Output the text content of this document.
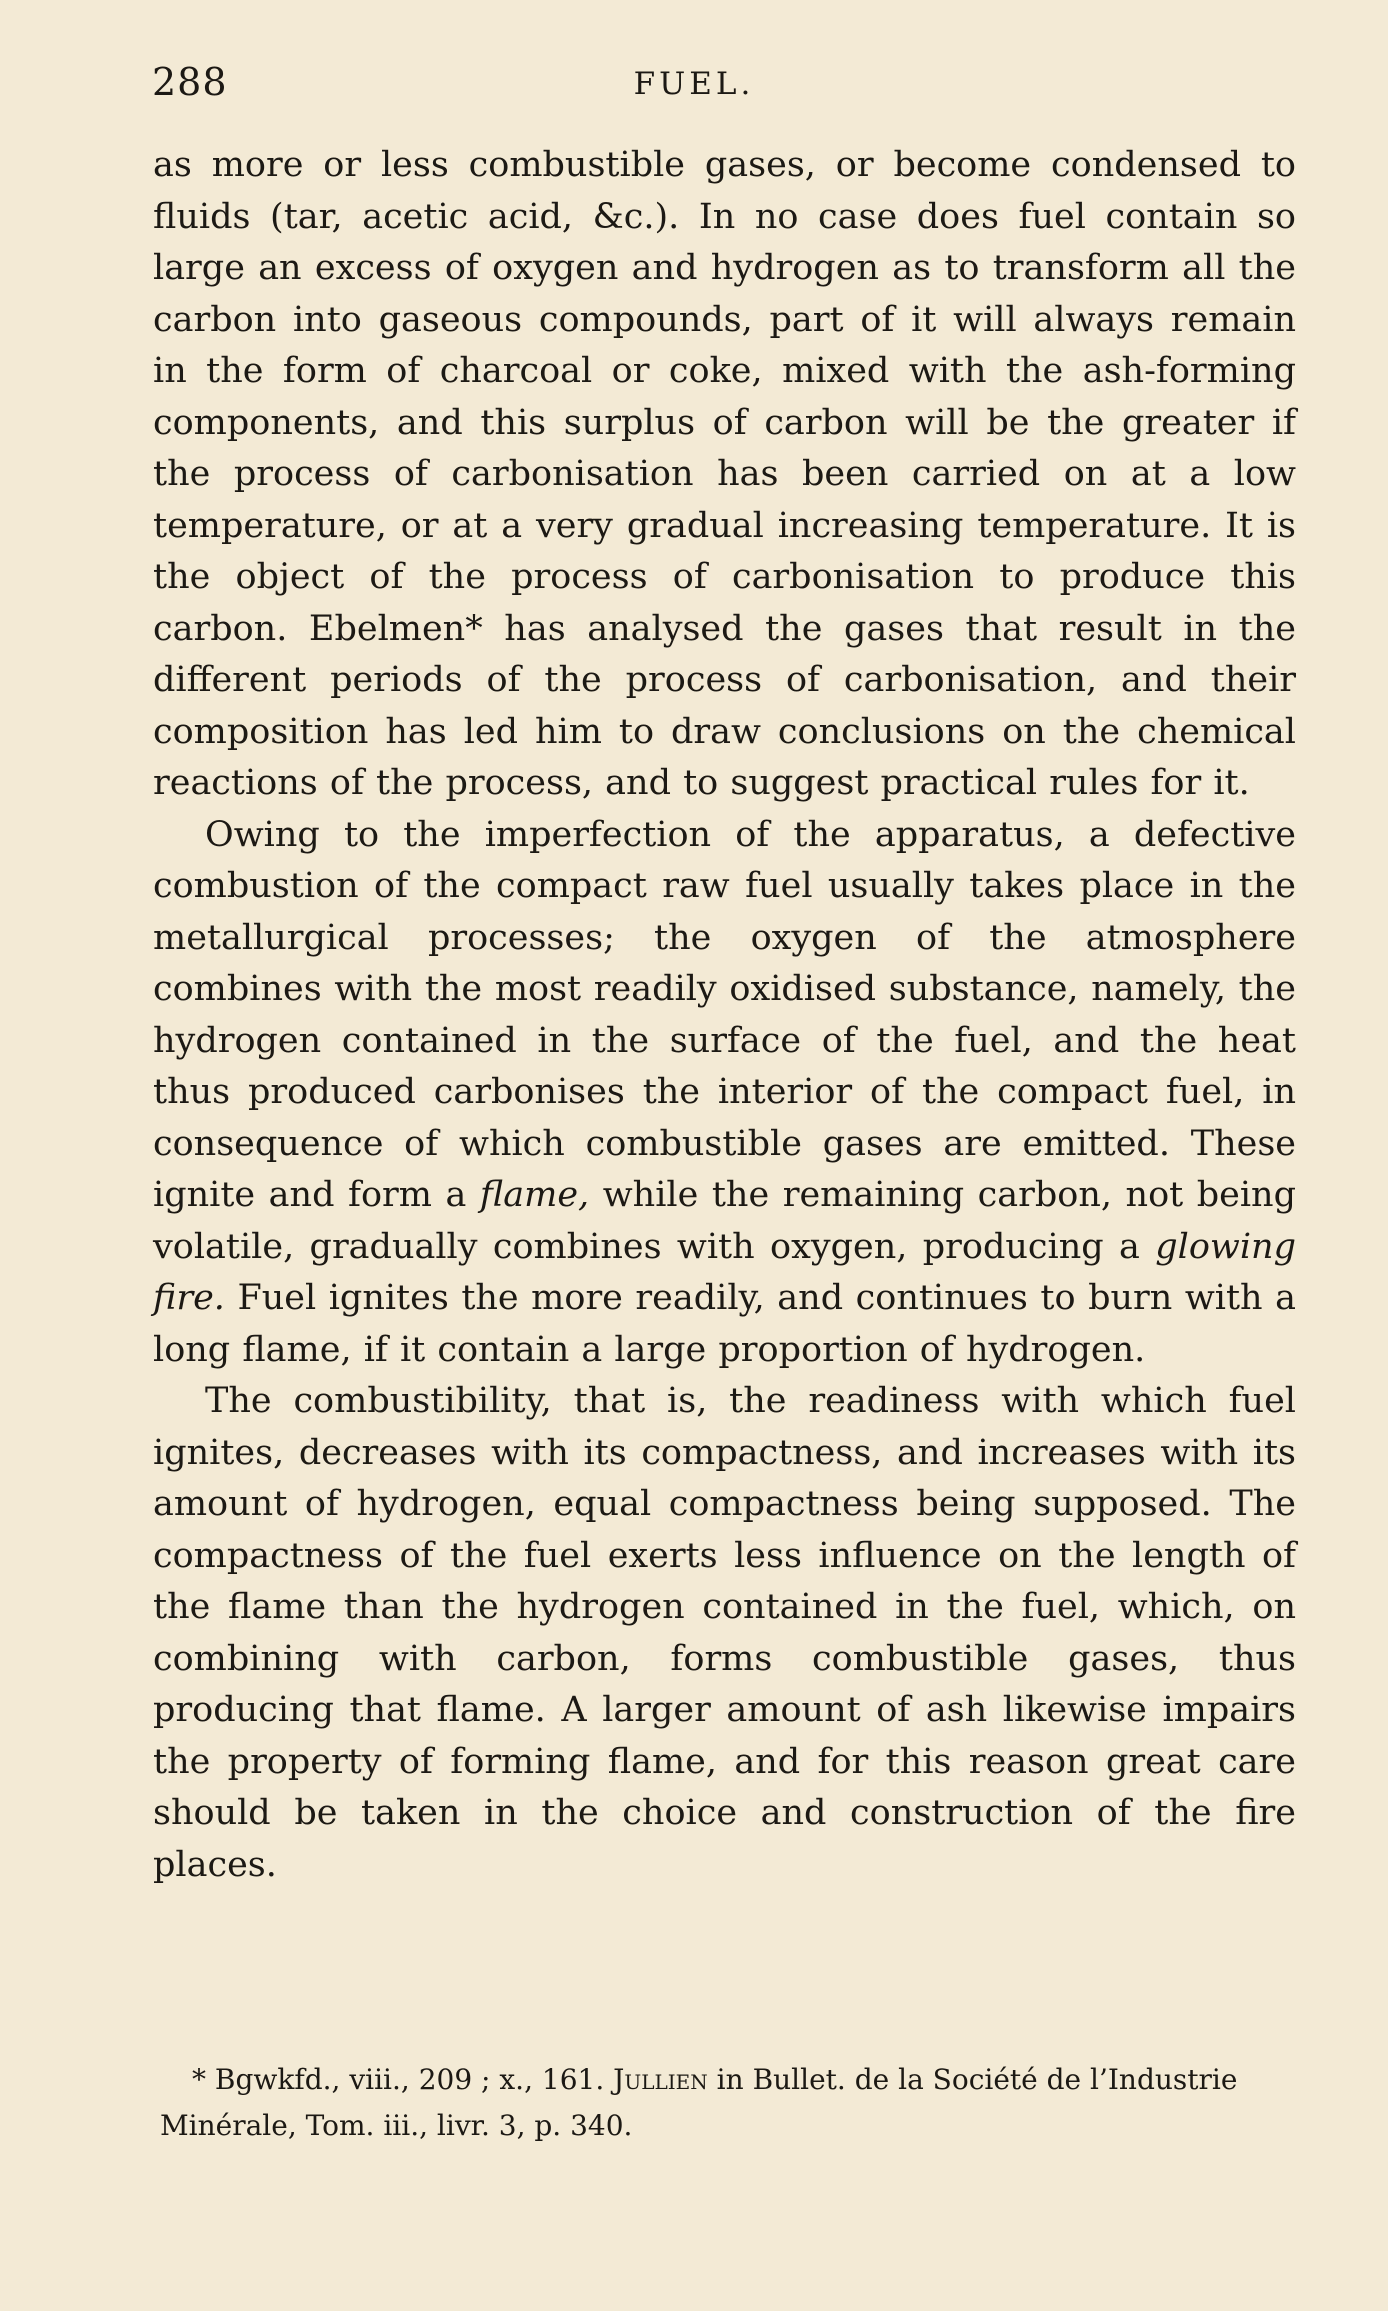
288	FUEL.

as more or less combustible gases, or become condensed to fluids (tar, acetic acid, &c.). In no case does fuel contain so large an excess of oxygen and hydrogen as to transform all the carbon into gaseous compounds, part of it will always remain in the form of charcoal or coke, mixed with the ash-forming components, and this surplus of carbon will be the greater if the process of carbonisation has been carried on at a low temperature, or at a very gradual increasing temperature. It is the object of the process of carbonisation to produce this carbon. Ebelmen* has analysed the gases that result in the different periods of the process of carbonisation, and their composition has led him to draw conclusions on the chemical reactions of the process, and to suggest practical rules for it.

Owing to the imperfection of the apparatus, a defective combustion of the compact raw fuel usually takes place in the metallurgical processes; the oxygen of the atmosphere combines with the most readily oxidised substance, namely, the hydrogen contained in the surface of the fuel, and the heat thus produced carbonises the interior of the compact fuel, in consequence of which combustible gases are emitted. These ignite and form a flame, while the remaining carbon, not being volatile, gradually combines with oxygen, producing a glowing fire. Fuel ignites the more readily, and continues to burn with a long flame, if it contain a large proportion of hydrogen.

The combustibility, that is, the readiness with which fuel ignites, decreases with its compactness, and increases with its amount of hydrogen, equal compactness being supposed. The compactness of the fuel exerts less influence on the length of the flame than the hydrogen contained in the fuel, which, on combining with carbon, forms combustible gases, thus producing that flame. A larger amount of ash likewise impairs the property of forming flame, and for this reason great care should be taken in the choice and construction of the fire places.

* Bgwkfd., viii., 209 ; x., 161. Jullien in Bullet. de la Société de l’Industrie
Minérale, Tom. iii., livr. 3, p. 340.
